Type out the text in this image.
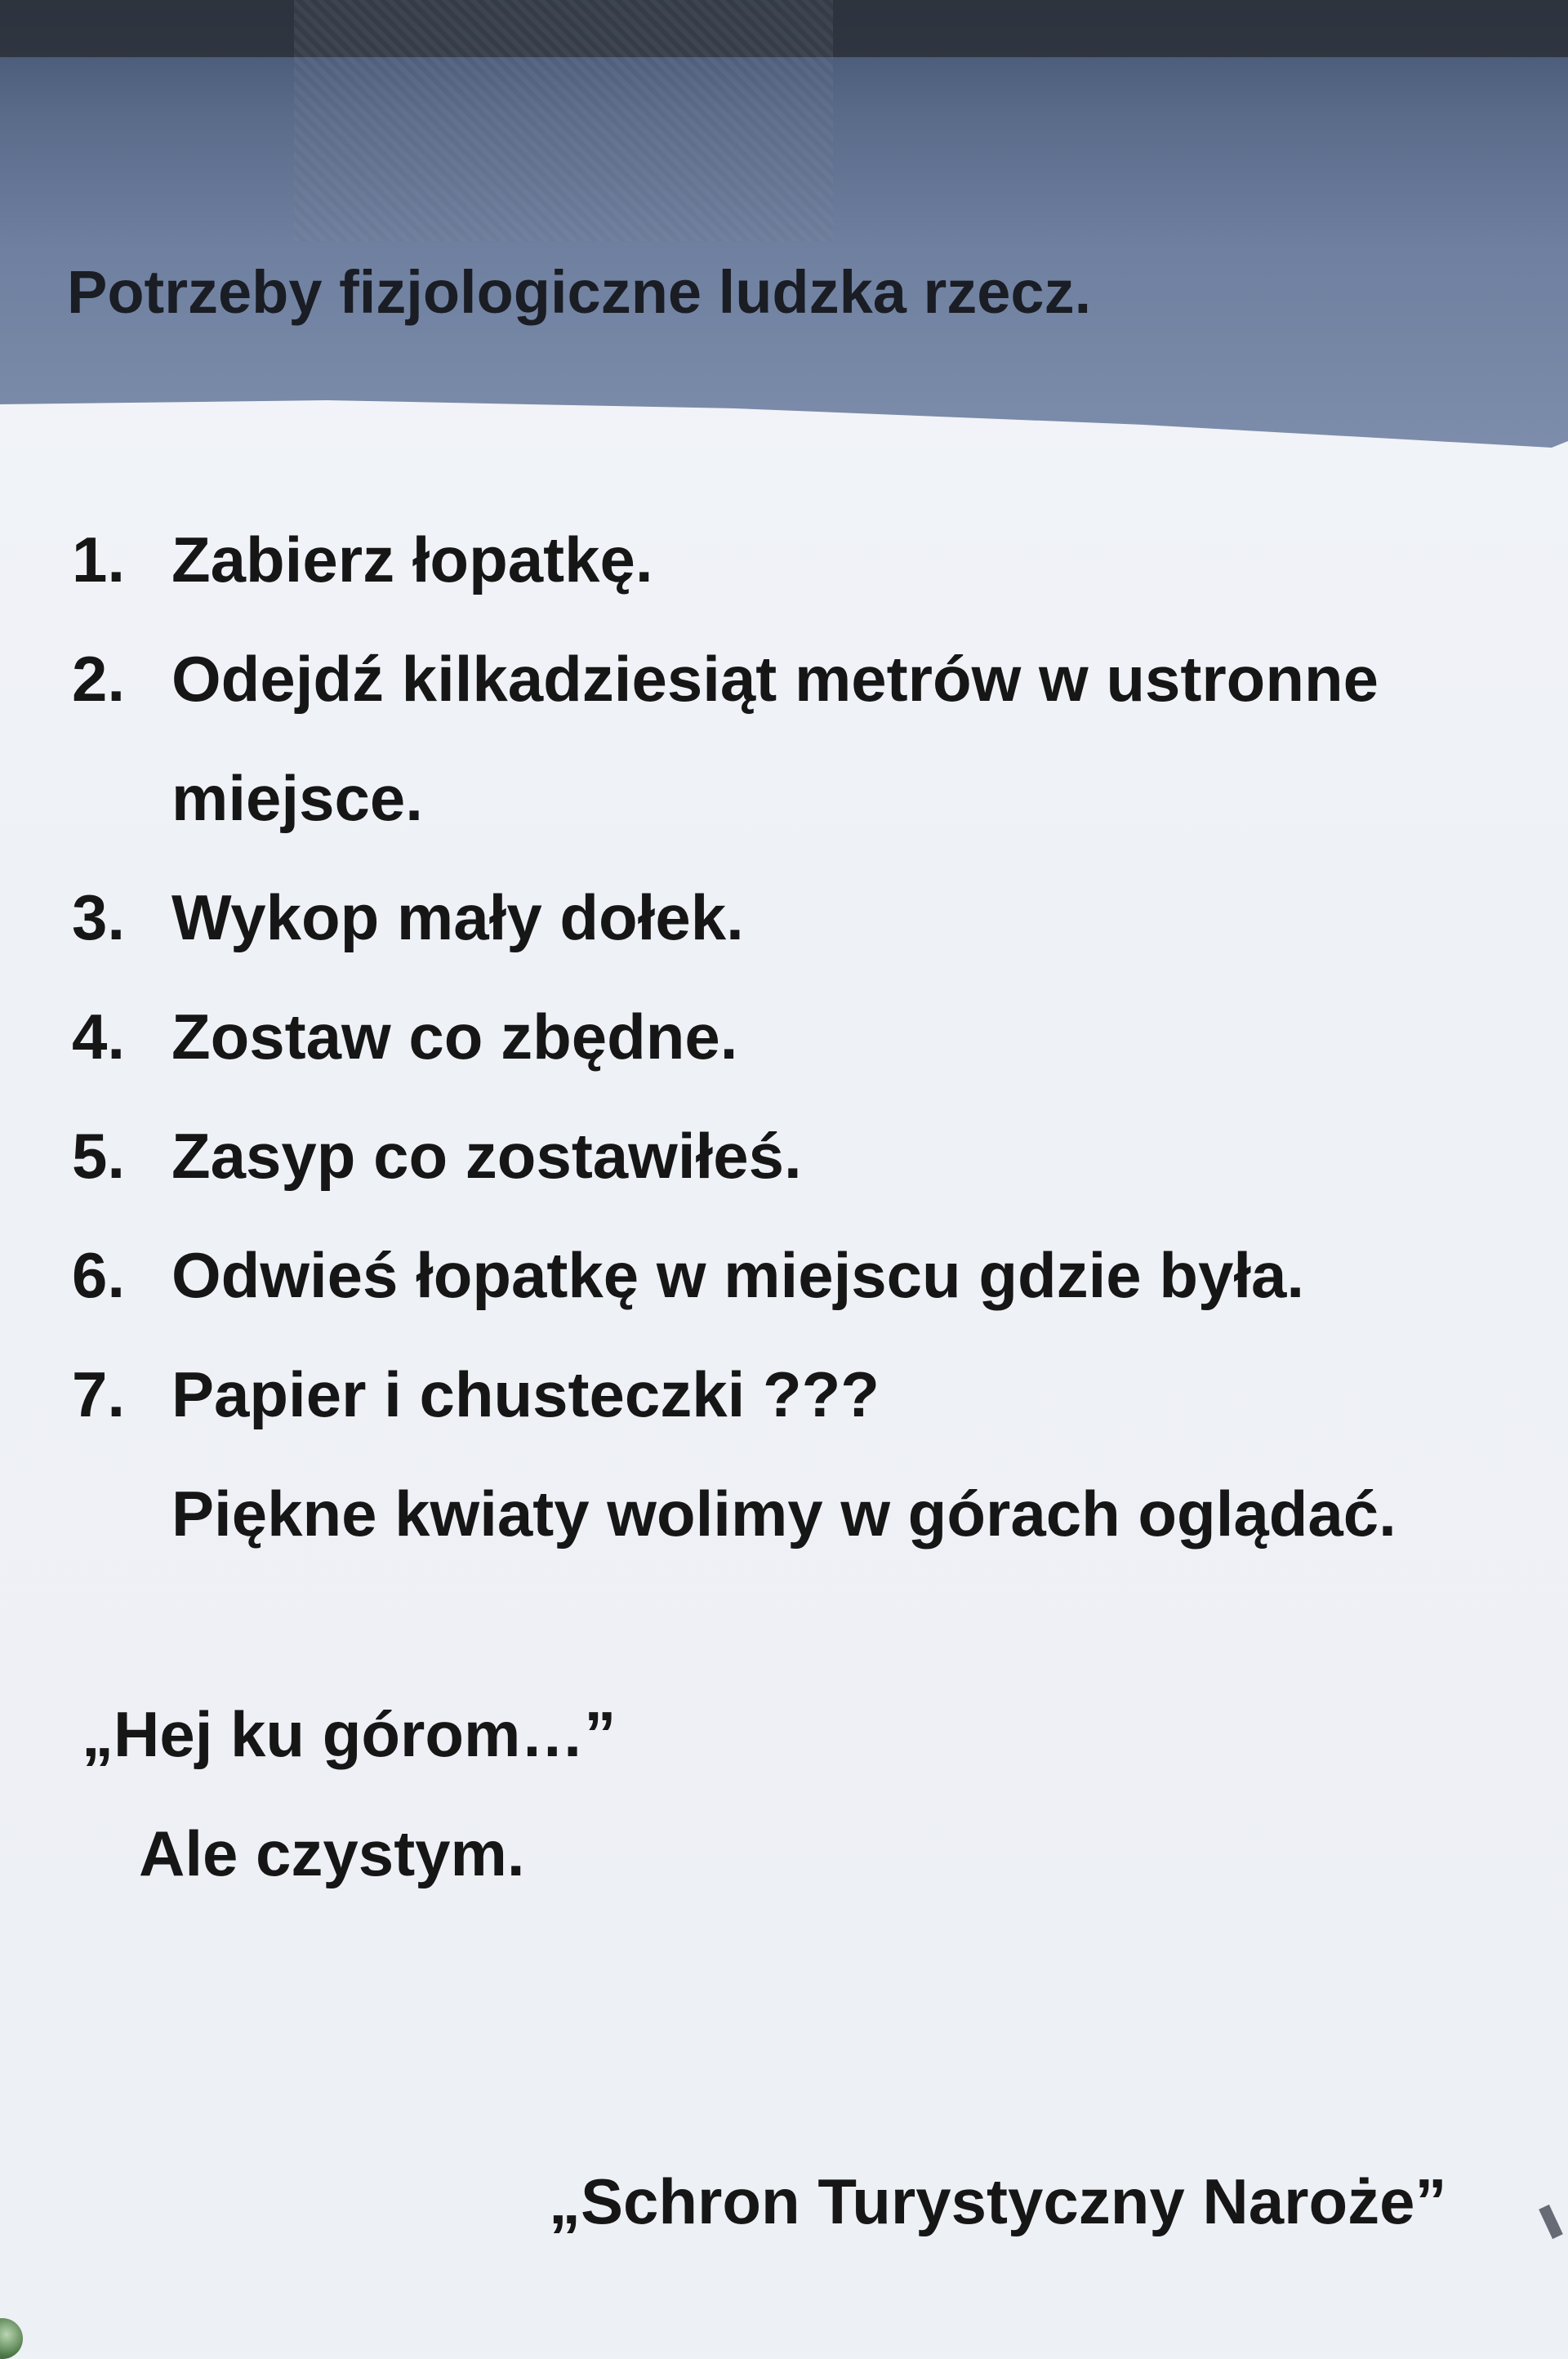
Potrzeby fizjologiczne ludzka rzecz.
1. Zabierz łopatkę.
2. Odejdź kilkadziesiąt metrów w ustronne
miejsce.
3. Wykop mały dołek.
4. Zostaw co zbędne.
5. Zasyp co zostawiłeś.
6. Odwieś łopatkę w miejscu gdzie była.
7. Papier i chusteczki ???
Piękne kwiaty wolimy w górach oglądać.
„Hej ku górom…”
Ale czystym.
„Schron Turystyczny Naroże”
